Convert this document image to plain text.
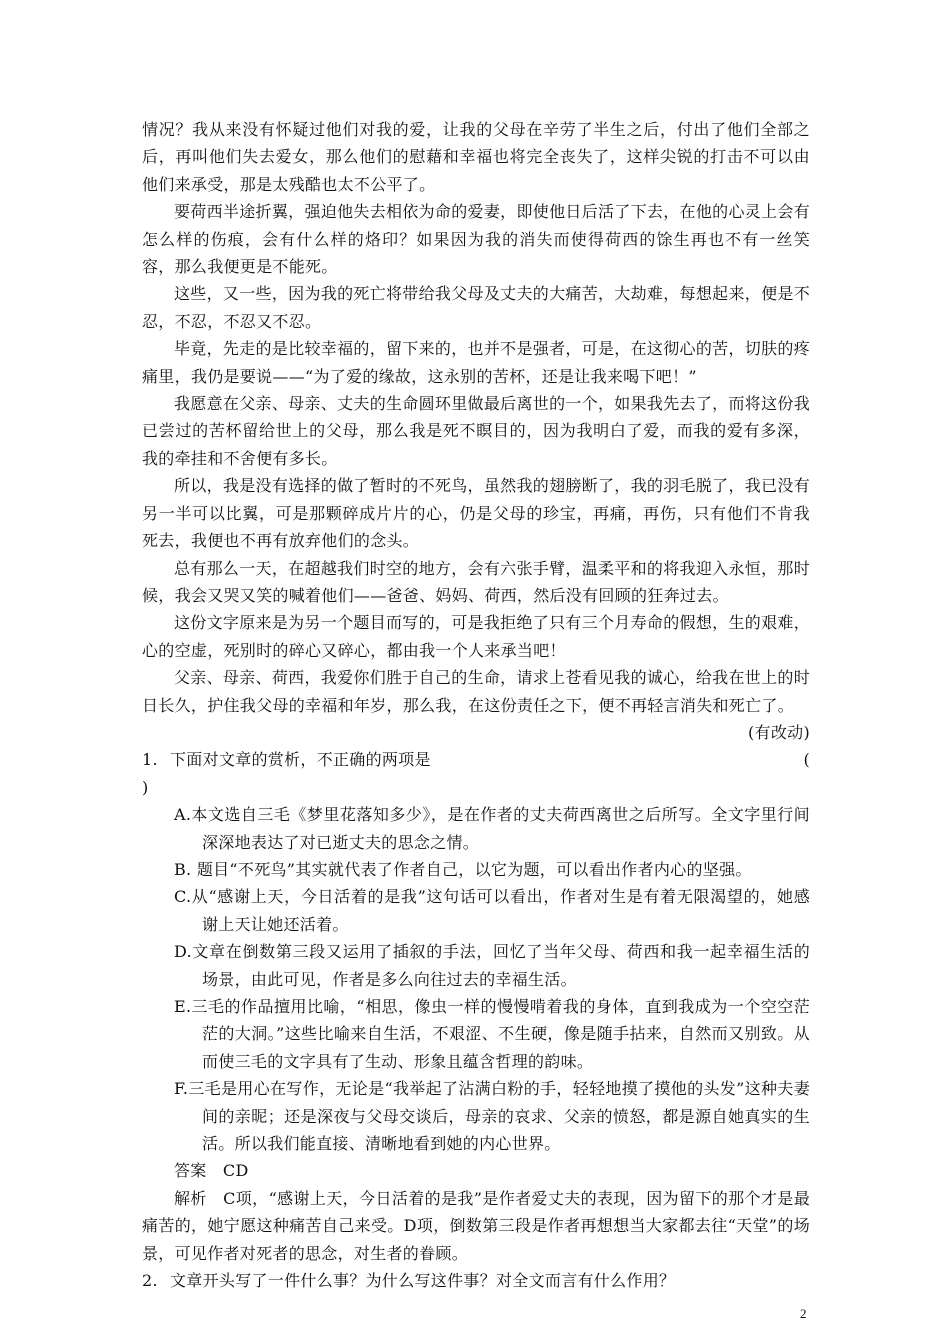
情况？我从来没有怀疑过他们对我的爱，让我的父母在辛劳了半生之后，付出了他们全部之后，再叫他们失去爱女，那么他们的慰藉和幸福也将完全丧失了，这样尖锐的打击不可以由他们来承受，那是太残酷也太不公平了。

要荷西半途折翼，强迫他失去相依为命的爱妻，即使他日后活了下去，在他的心灵上会有怎么样的伤痕，会有什么样的烙印？如果因为我的消失而使得荷西的馀生再也不有一丝笑容，那么我便更是不能死。

这些，又一些，因为我的死亡将带给我父母及丈夫的大痛苦，大劫难，每想起来，便是不忍，不忍，不忍又不忍。

毕竟，先走的是比较幸福的，留下来的，也并不是强者，可是，在这彻心的苦，切肤的疼痛里，我仍是要说——“为了爱的缘故，这永别的苦杯，还是让我来喝下吧！”

我愿意在父亲、母亲、丈夫的生命圆环里做最后离世的一个，如果我先去了，而将这份我已尝过的苦杯留给世上的父母，那么我是死不瞑目的，因为我明白了爱，而我的爱有多深，我的牵挂和不舍便有多长。

所以，我是没有选择的做了暂时的不死鸟，虽然我的翅膀断了，我的羽毛脱了，我已没有另一半可以比翼，可是那颗碎成片片的心，仍是父母的珍宝，再痛，再伤，只有他们不肯我死去，我便也不再有放弃他们的念头。

总有那么一天，在超越我们时空的地方，会有六张手臂，温柔平和的将我迎入永恒，那时候，我会又哭又笑的喊着他们——爸爸、妈妈、荷西，然后没有回顾的狂奔过去。

这份文字原来是为另一个题目而写的，可是我拒绝了只有三个月寿命的假想，生的艰难，心的空虚，死别时的碎心又碎心，都由我一个人来承当吧！

父亲、母亲、荷西，我爱你们胜于自己的生命，请求上苍看见我的诚心，给我在世上的时日长久，护住我父母的幸福和年岁，那么我，在这份责任之下，便不再轻言消失和死亡了。

(有改动)

1. 下面对文章的赏析，不正确的两项是	(

)

A.本文选自三毛《梦里花落知多少》，是在作者的丈夫荷西离世之后所写。全文字里行间深深地表达了对已逝丈夫的思念之情。

B. 题目“不死鸟”其实就代表了作者自己，以它为题，可以看出作者内心的坚强。

C.从“感谢上天，今日活着的是我”这句话可以看出，作者对生是有着无限渴望的，她感谢上天让她还活着。

D.文章在倒数第三段又运用了插叙的手法，回忆了当年父母、荷西和我一起幸福生活的场景，由此可见，作者是多么向往过去的幸福生活。

E.三毛的作品擅用比喻，“相思，像虫一样的慢慢啃着我的身体，直到我成为一个空空茫茫的大洞。”这些比喻来自生活，不艰涩、不生硬，像是随手拈来，自然而又别致。从而使三毛的文字具有了生动、形象且蕴含哲理的韵味。

F.三毛是用心在写作，无论是“我举起了沾满白粉的手，轻轻地摸了摸他的头发”这种夫妻间的亲昵；还是深夜与父母交谈后，母亲的哀求、父亲的愤怒，都是源自她真实的生活。所以我们能直接、清晰地看到她的内心世界。

答案　CD

解析　C项，“感谢上天，今日活着的是我”是作者爱丈夫的表现，因为留下的那个才是最痛苦的，她宁愿这种痛苦自己来受。D项，倒数第三段是作者再想想当大家都去往“天堂”的场景，可见作者对死者的思念，对生者的眷顾。

2. 文章开头写了一件什么事？为什么写这件事？对全文而言有什么作用？
2
